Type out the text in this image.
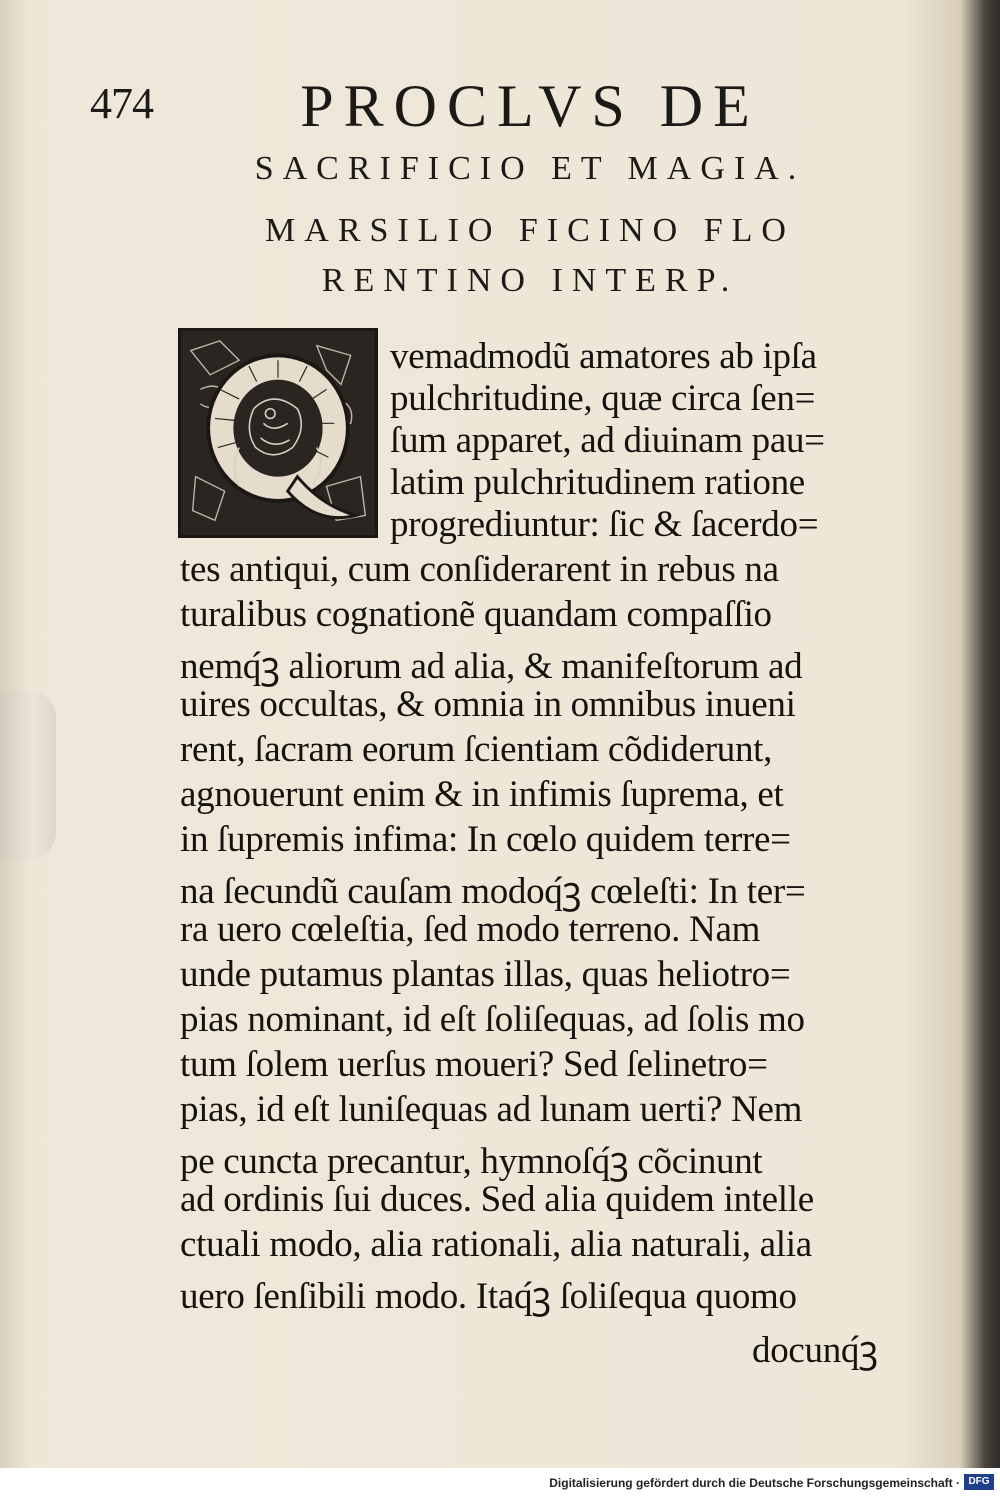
474	PROCLVS DE
SACRIFICIO ET MAGIA.
MARSILIO FICINO FLO
RENTINO INTERP.
vemadmodũ amatores ab ipſa
pulchritudine, quæ circa ſen=
ſum apparet, ad diuinam pau=
latim pulchritudinem ratione
progrediuntur: ſic & ſacerdo=
tes antiqui, cum conſiderarent in rebus na
turalibus cognationẽ quandam compaſſio
nemq́ꝫ aliorum ad alia, & manifeſtorum ad
uires occultas, & omnia in omnibus inueni
rent, ſacram eorum ſcientiam cõdiderunt,
agnouerunt enim & in infimis ſuprema, et
in ſupremis infima: In cœlo quidem terre=
na ſecundũ cauſam modoq́ꝫ cœleſti: In ter=
ra uero cœleſtia, ſed modo terreno. Nam
unde putamus plantas illas, quas heliotro=
pias nominant, id eſt ſoliſequas, ad ſolis mo
tum ſolem uerſus moueri? Sed ſelinetro=
pias, id eſt luniſequas ad lunam uerti? Nem
pe cuncta precantur, hymnoſq́ꝫ cõcinunt
ad ordinis ſui duces. Sed alia quidem intelle
ctuali modo, alia rationali, alia naturali, alia
uero ſenſibili modo. Itaq́ꝫ ſoliſequa quomo
docunq́ꝫ
Digitalisierung gefördert durch die Deutsche Forschungsgemeinschaft · DFG
